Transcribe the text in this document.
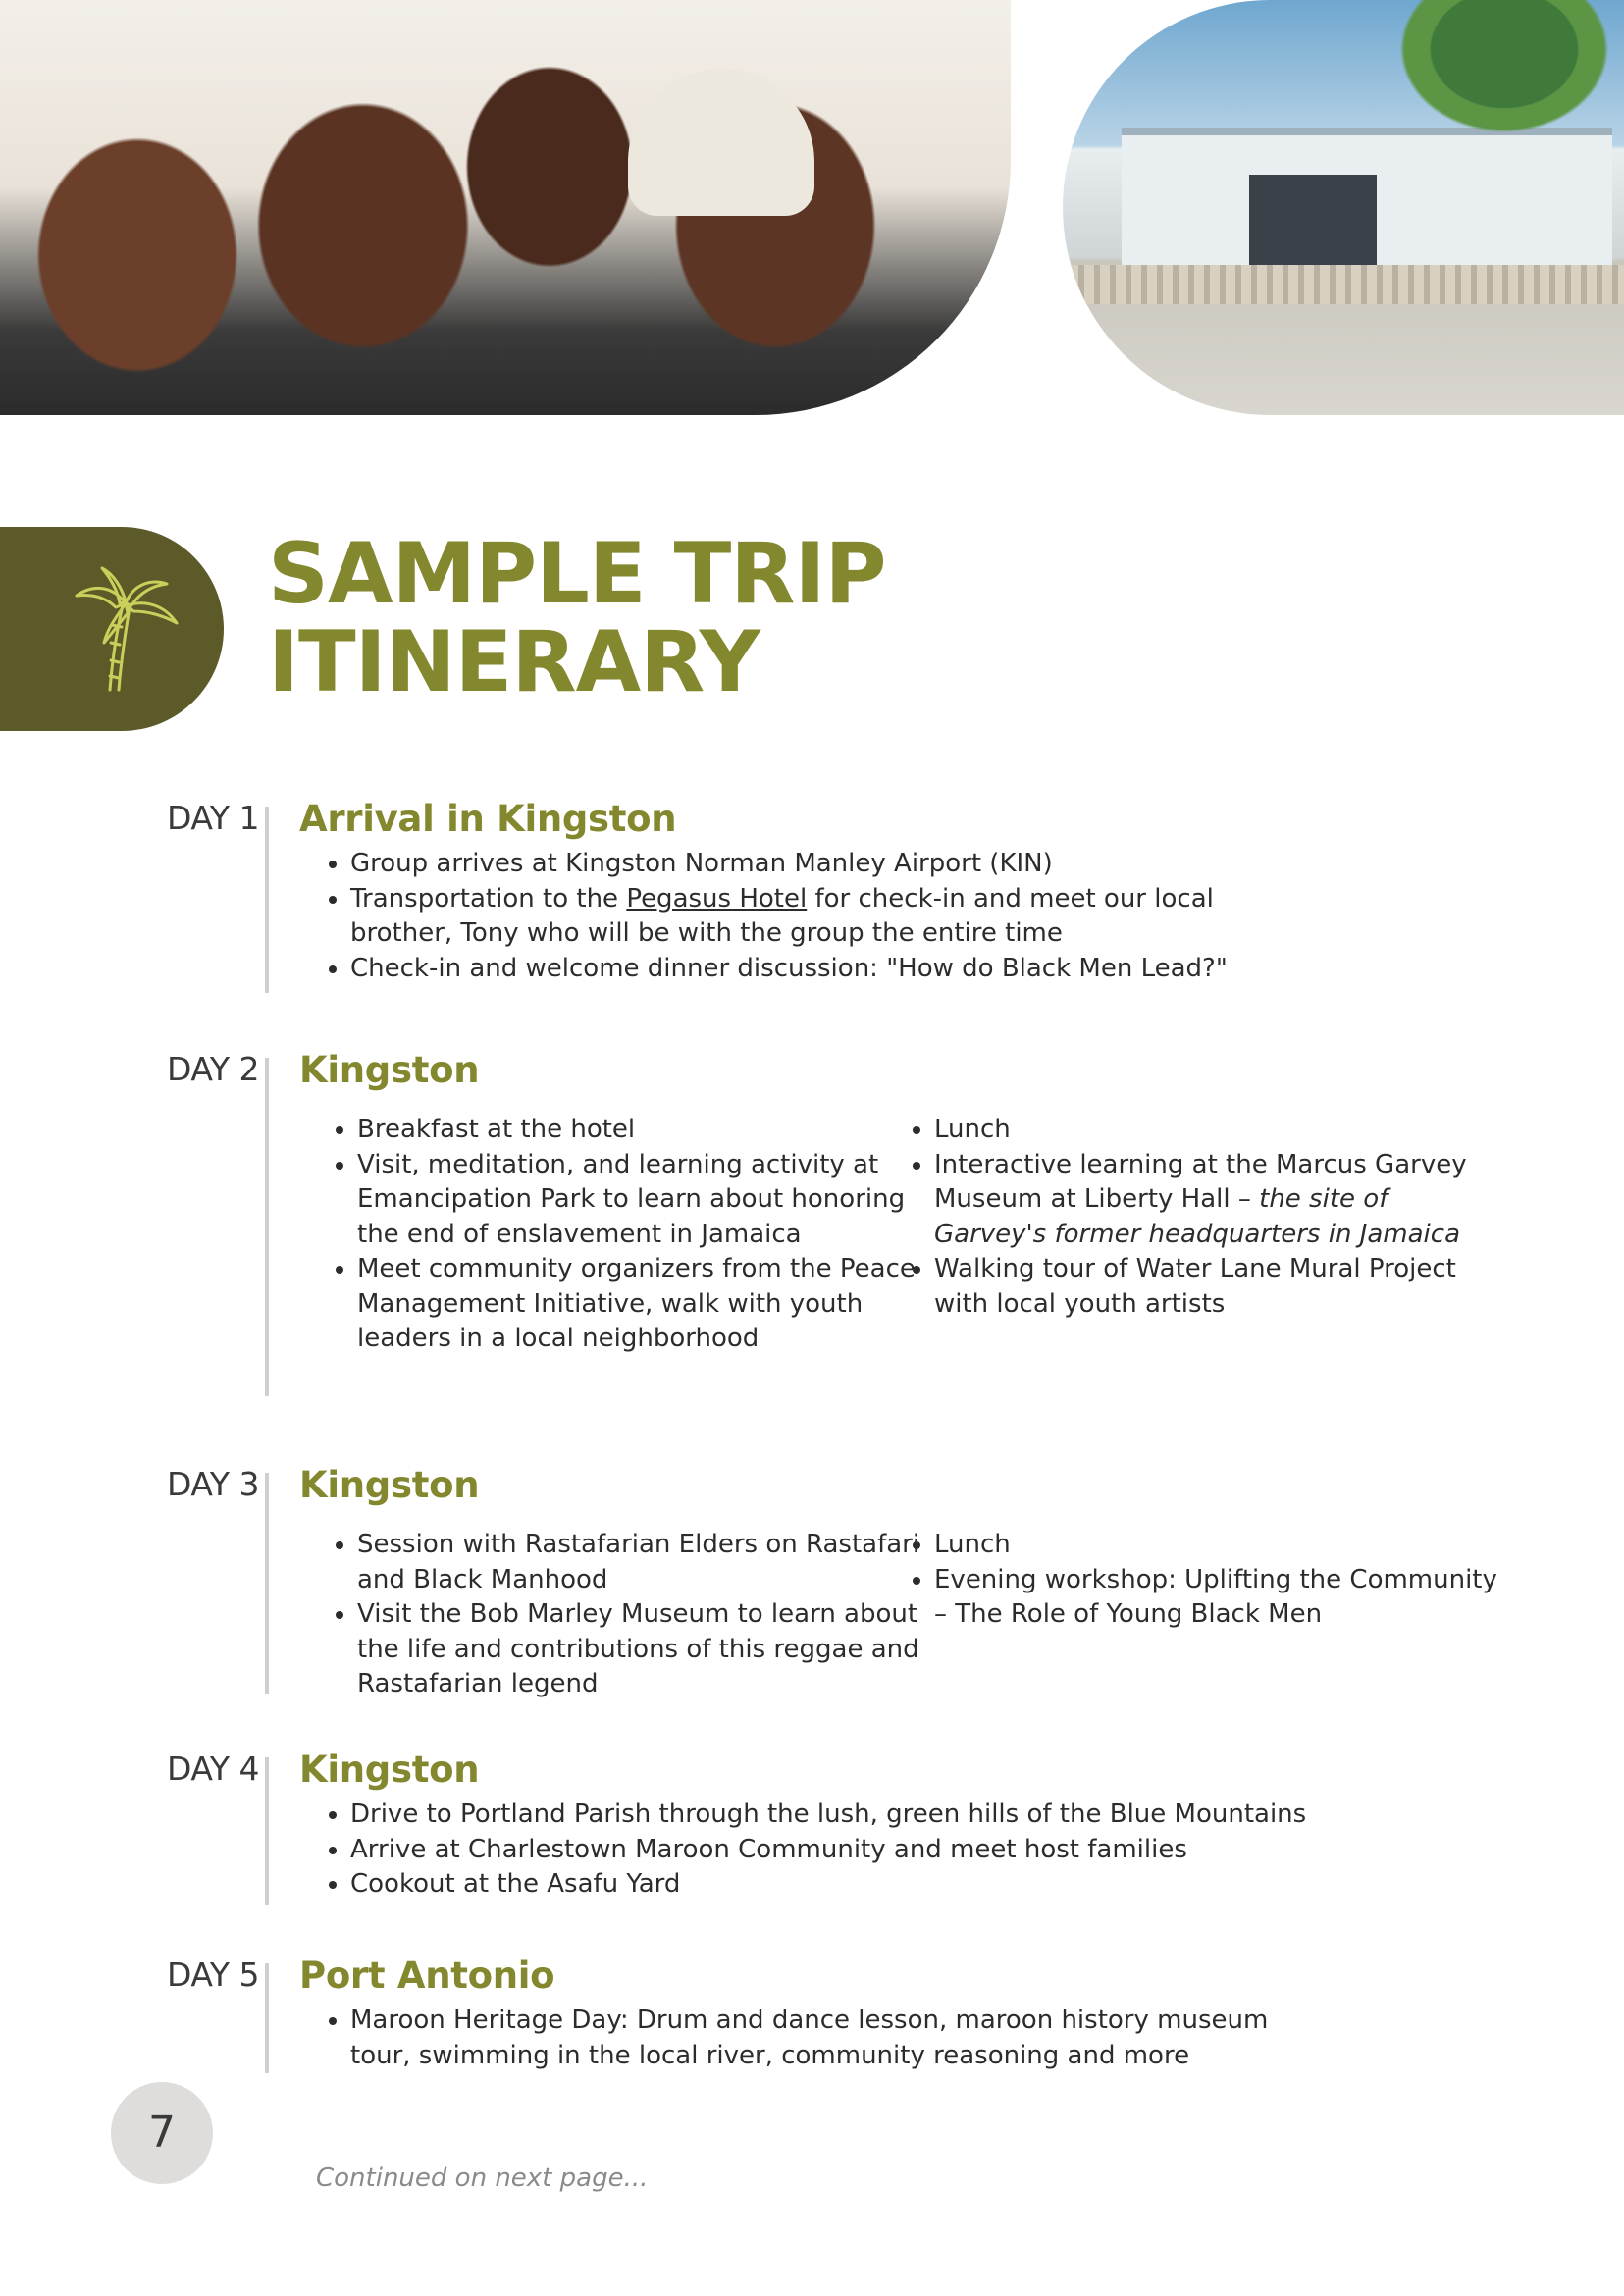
SAMPLE TRIP
ITINERARY
DAY 1 Arrival in Kingston
• Group arrives at Kingston Norman Manley Airport (KIN)
• Transportation to the Pegasus Hotel for check-in and meet our local brother, Tony who will be with the group the entire time
• Check-in and welcome dinner discussion: "How do Black Men Lead?"
DAY 2 Kingston
• Breakfast at the hotel
• Visit, meditation, and learning activity at Emancipation Park to learn about honoring the end of enslavement in Jamaica
• Meet community organizers from the Peace Management Initiative, walk with youth leaders in a local neighborhood
• Lunch
• Interactive learning at the Marcus Garvey Museum at Liberty Hall – the site of Garvey's former headquarters in Jamaica
• Walking tour of Water Lane Mural Project with local youth artists
DAY 3 Kingston
• Session with Rastafarian Elders on Rastafari and Black Manhood
• Visit the Bob Marley Museum to learn about the life and contributions of this reggae and Rastafarian legend
• Lunch
• Evening workshop: Uplifting the Community – The Role of Young Black Men
DAY 4 Kingston
• Drive to Portland Parish through the lush, green hills of the Blue Mountains
• Arrive at Charlestown Maroon Community and meet host families
• Cookout at the Asafu Yard
DAY 5 Port Antonio
• Maroon Heritage Day: Drum and dance lesson, maroon history museum tour, swimming in the local river, community reasoning and more
7
Continued on next page...
